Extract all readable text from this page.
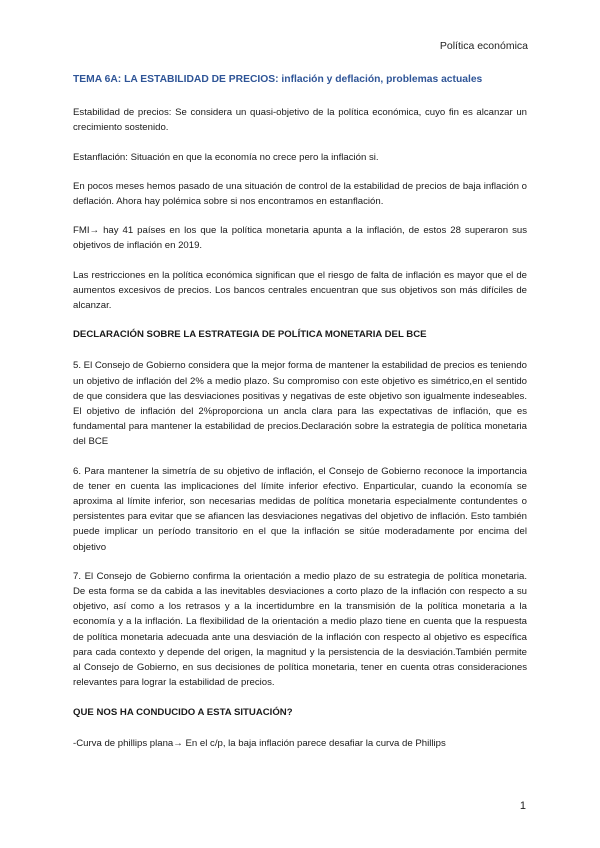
Política económica
TEMA 6A: LA ESTABILIDAD DE PRECIOS: inflación y deflación, problemas actuales

Estabilidad de precios: Se considera un quasi-objetivo de la política económica, cuyo fin es alcanzar un crecimiento sostenido.

Estanflación: Situación en que la economía no crece pero la inflación si.

En pocos meses hemos pasado de una situación de control de la estabilidad de precios de baja inflación o deflación. Ahora hay polémica sobre si nos encontramos en estanflación.

FMI→ hay 41 países en los que la política monetaria apunta a la inflación, de estos 28 superaron sus objetivos de inflación en 2019.

Las restricciones en la política económica significan que el riesgo de falta de inflación es mayor que el de aumentos excesivos de precios. Los bancos centrales encuentran que sus objetivos son más difíciles de alcanzar.

DECLARACIÓN SOBRE LA ESTRATEGIA DE POLÍTICA MONETARIA DEL BCE

5. El Consejo de Gobierno considera que la mejor forma de mantener la estabilidad de precios es teniendo un objetivo de inflación del 2% a medio plazo. Su compromiso con este objetivo es simétrico,en el sentido de que considera que las desviaciones positivas y negativas de este objetivo son igualmente indeseables. El objetivo de inflación del 2%proporciona un ancla clara para las expectativas de inflación, que es fundamental para mantener la estabilidad de precios.Declaración sobre la estrategia de política monetaria del BCE

6. Para mantener la simetría de su objetivo de inflación, el Consejo de Gobierno reconoce la importancia de tener en cuenta las implicaciones del límite inferior efectivo. Enparticular, cuando la economía se aproxima al límite inferior, son necesarias medidas de política monetaria especialmente contundentes o persistentes para evitar que se afiancen las desviaciones negativas del objetivo de inflación. Esto también puede implicar un período transitorio en el que la inflación se sitúe moderadamente por encima del objetivo

7. El Consejo de Gobierno confirma la orientación a medio plazo de su estrategia de política monetaria. De esta forma se da cabida a las inevitables desviaciones a corto plazo de la inflación con respecto a su objetivo, así como a los retrasos y a la incertidumbre en la transmisión de la política monetaria a la economía y a la inflación. La flexibilidad de la orientación a medio plazo tiene en cuenta que la respuesta de política monetaria adecuada ante una desviación de la inflación con respecto al objetivo es específica para cada contexto y depende del origen, la magnitud y la persistencia de la desviación.También permite al Consejo de Gobierno, en sus decisiones de política monetaria, tener en cuenta otras consideraciones relevantes para lograr la estabilidad de precios.

QUE NOS HA CONDUCIDO A ESTA SITUACIÓN?

-Curva de phillips plana→ En el c/p, la baja inflación parece desafiar la curva de Phillips

1
